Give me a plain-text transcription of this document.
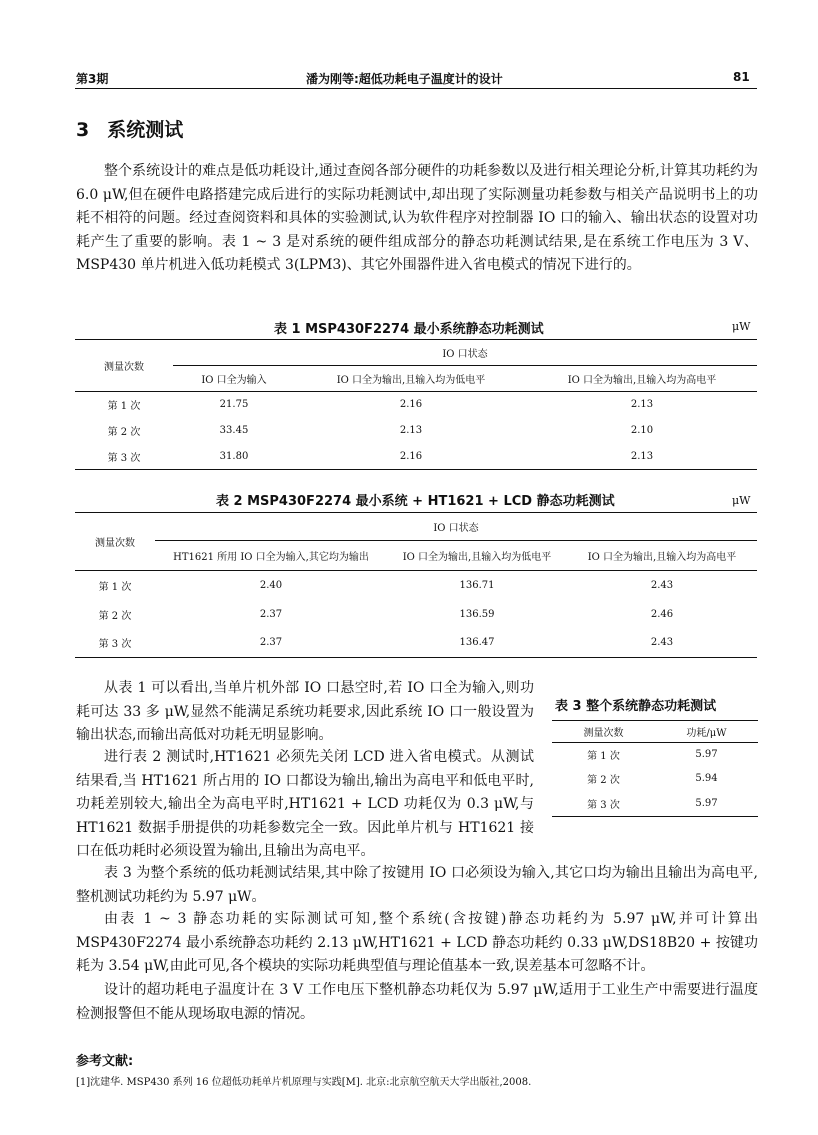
第3期	潘为刚等:超低功耗电子温度计的设计	81
3 系统测试

整个系统设计的难点是低功耗设计,通过查阅各部分硬件的功耗参数以及进行相关理论分析,计算其功耗约为 6.0 μW,但在硬件电路搭建完成后进行的实际功耗测试中,却出现了实际测量功耗参数与相关产品说明书上的功耗不相符的问题。经过查阅资料和具体的实验测试,认为软件程序对控制器 IO 口的输入、输出状态的设置对功耗产生了重要的影响。表 1 ~ 3 是对系统的硬件组成部分的静态功耗测试结果,是在系统工作电压为 3 V、MSP430 单片机进入低功耗模式 3(LPM3)、其它外围器件进入省电模式的情况下进行的。

表 1 MSP430F2274 最小系统静态功耗测试	μW
测量次数	IO 口状态		
	IO 口全为输入	IO 口全为输出,且输入均为低电平	IO 口全为输出,且输入均为高电平
第 1 次	21.75	2.16	2.13
第 2 次	33.45	2.13	2.10
第 3 次	31.80	2.16	2.13
表 2 MSP430F2274 最小系统 + HT1621 + LCD 静态功耗测试	μW
测量次数	IO 口状态		
	HT1621 所用 IO 口全为输入,其它均为输出	IO 口全为输出,且输入均为低电平	IO 口全为输出,且输入均为高电平
第 1 次	2.40	136.71	2.43
第 2 次	2.37	136.59	2.46
第 3 次	2.37	136.47	2.43

从表 1 可以看出,当单片机外部 IO 口悬空时,若 IO 口全为输入,则功耗可达 33 多 μW,显然不能满足系统功耗要求,因此系统 IO 口一般设置为输出状态,而输出高低对功耗无明显影响。

进行表 2 测试时,HT1621 必须先关闭 LCD 进入省电模式。从测试结果看,当 HT1621 所占用的 IO 口都设为输出,输出为高电平和低电平时,功耗差别较大,输出全为高电平时,HT1621 + LCD 功耗仅为 0.3 μW,与 HT1621 数据手册提供的功耗参数完全一致。因此单片机与 HT1621 接口在低功耗时必须设置为输出,且输出为高电平。

表 3 整个系统静态功耗测试
测量次数	功耗/μW
第 1 次	5.97
第 2 次	5.94
第 3 次	5.97

表 3 为整个系统的低功耗测试结果,其中除了按键用 IO 口必须设为输入,其它口均为输出且输出为高电平,整机测试功耗约为 5.97 μW。

由表 1 ~ 3 静态功耗的实际测试可知,整个系统(含按键)静态功耗约为 5.97 μW,并可计算出 MSP430F2274 最小系统静态功耗约 2.13 μW,HT1621 + LCD 静态功耗约 0.33 μW,DS18B20 + 按键功耗为 3.54 μW,由此可见,各个模块的实际功耗典型值与理论值基本一致,误差基本可忽略不计。

设计的超功耗电子温度计在 3 V 工作电压下整机静态功耗仅为 5.97 μW,适用于工业生产中需要进行温度检测报警但不能从现场取电源的情况。

参考文献:
[1]沈建华. MSP430 系列 16 位超低功耗单片机原理与实践[M]. 北京:北京航空航天大学出版社,2008.
